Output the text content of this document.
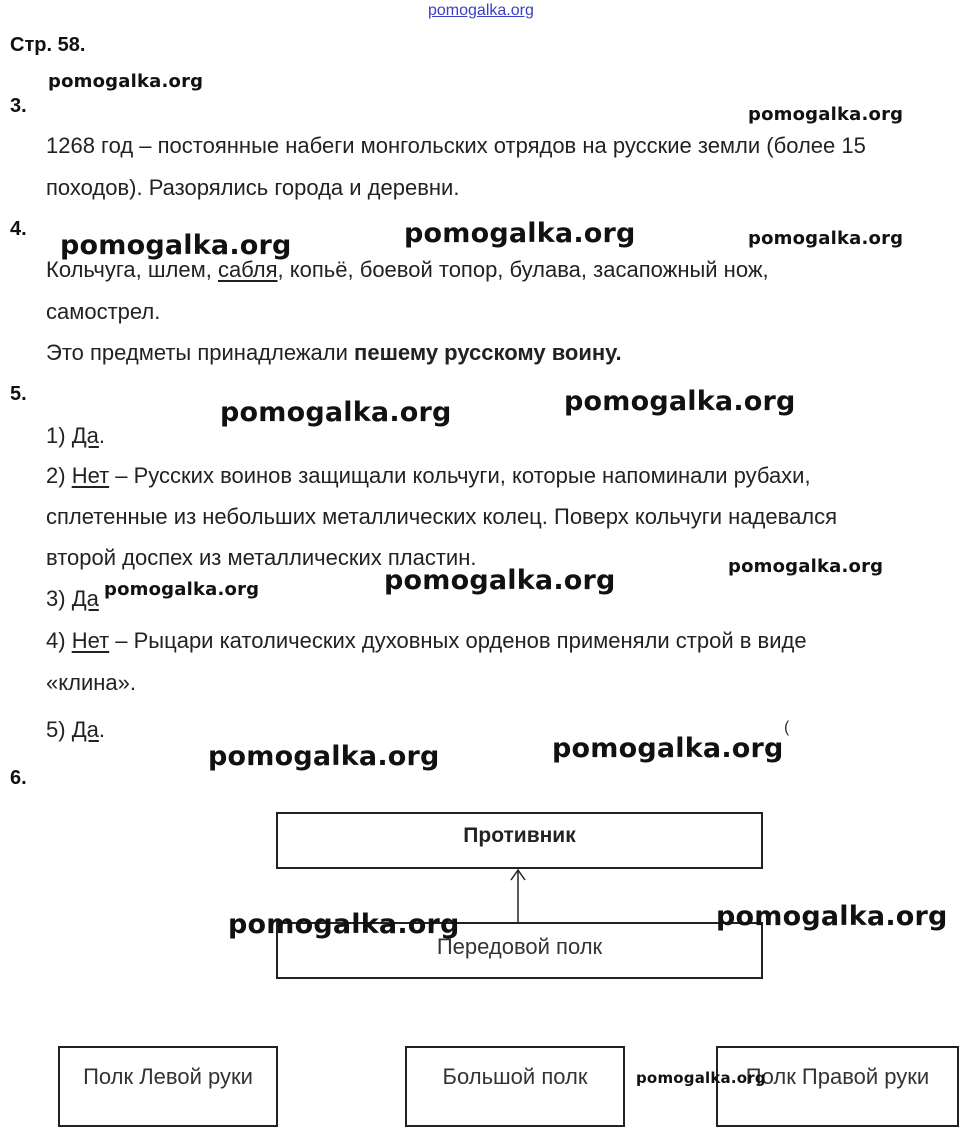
pomogalka.org
Стр. 58.
3.
1268 год – постоянные набеги монгольских отрядов на русские земли (более 15
походов). Разорялись города и деревни.
4.
Кольчуга, шлем, сабля, копьё, боевой топор, булава, засапожный нож,
самострел.
Это предметы принадлежали пешему русскому воину.
5.
1) Да.
2) Нет – Русских воинов защищали кольчуги, которые напоминали рубахи,
сплетенные из небольших металлических колец. Поверх кольчуги надевался
второй доспех из металлических пластин.
3) Да
4) Нет – Рыцари католических духовных орденов применяли строй в виде
«клина».
5) Да.	(
6.
Противник
Передовой полк
Полк Левой руки	Большой полк	Полк Правой руки
pomogalka.org
pomogalka.org
pomogalka.org	pomogalka.org	pomogalka.org
pomogalka.org	pomogalka.org
pomogalka.org
pomogalka.org	pomogalka.org
pomogalka.org	pomogalka.org
pomogalka.org	pomogalka.org
pomogalka.org
